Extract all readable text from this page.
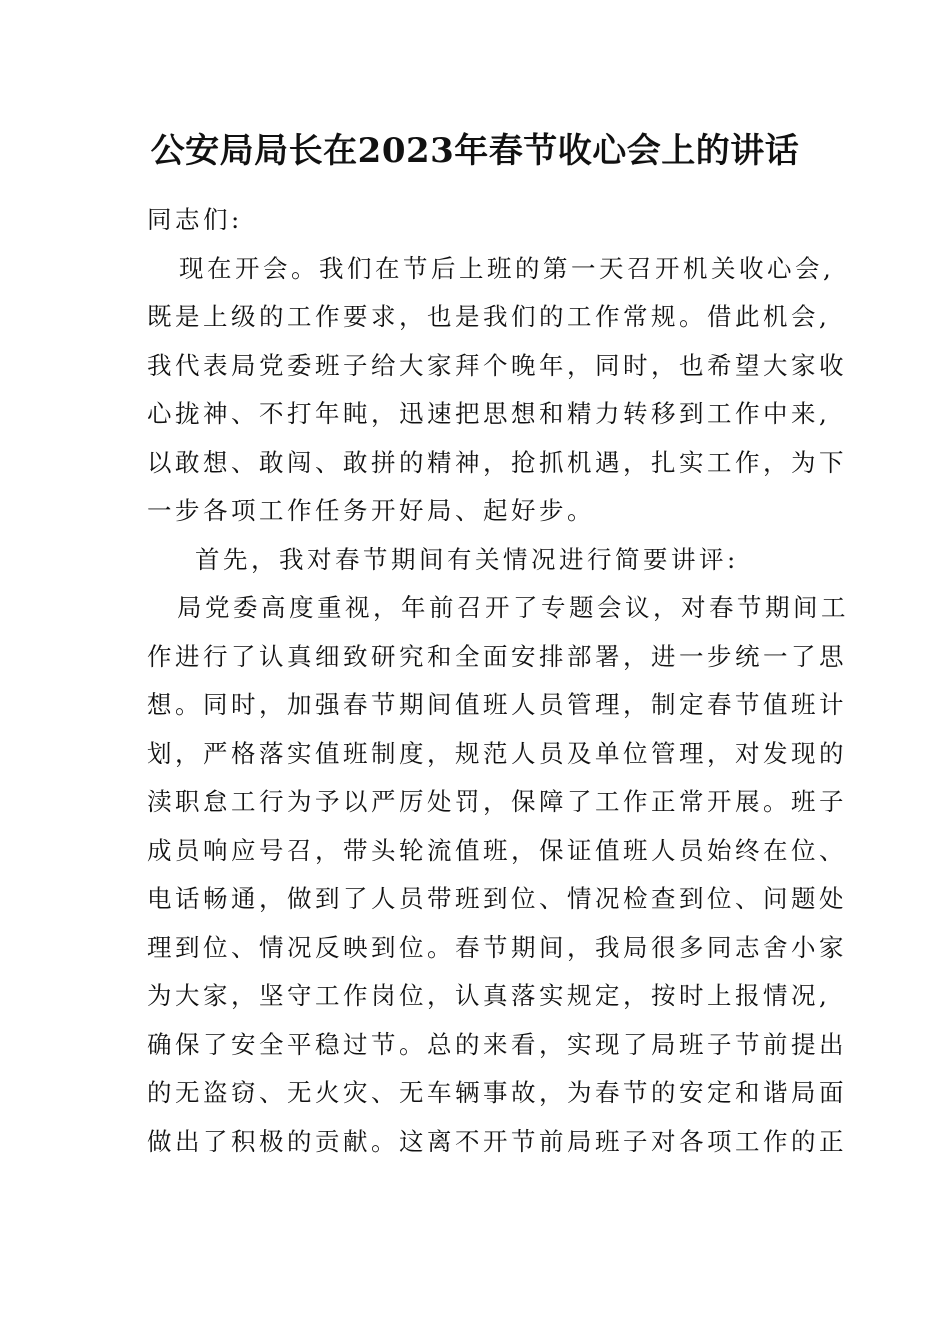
公安局局长在2023年春节收心会上的讲话
同志们:
现在开会。我们在节后上班的第一天召开机关收心会,
既是上级的工作要求，也是我们的工作常规。借此机会,
我代表局党委班子给大家拜个晚年，同时，也希望大家收
心拢神、不打年盹，迅速把思想和精力转移到工作中来,
以敢想、敢闯、敢拼的精神，抢抓机遇，扎实工作，为下
一步各项工作任务开好局、起好步。
首先，我对春节期间有关情况进行简要讲评:
局党委高度重视，年前召开了专题会议，对春节期间工
作进行了认真细致研究和全面安排部署，进一步统一了思
想。同时，加强春节期间值班人员管理，制定春节值班计
划，严格落实值班制度，规范人员及单位管理，对发现的
渎职怠工行为予以严厉处罚，保障了工作正常开展。班子
成员响应号召，带头轮流值班，保证值班人员始终在位、
电话畅通，做到了人员带班到位、情况检查到位、问题处
理到位、情况反映到位。春节期间，我局很多同志舍小家
为大家，坚守工作岗位，认真落实规定，按时上报情况,
确保了安全平稳过节。总的来看，实现了局班子节前提出
的无盗窃、无火灾、无车辆事故，为春节的安定和谐局面
做出了积极的贡献。这离不开节前局班子对各项工作的正
